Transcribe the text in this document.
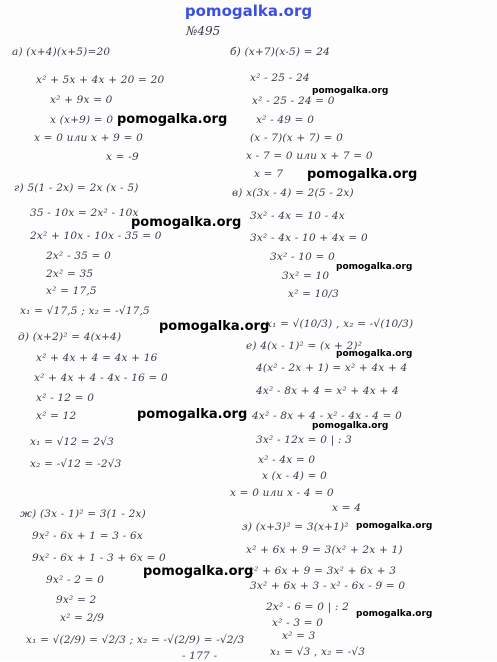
pomogalka.org
№495

а) (x+4)(x+5)=20

x² + 5x + 4x + 20 = 20

x² + 9x = 0

x (x+9) = 0

x = 0 или x + 9 = 0

x = -9

г) 5(1 - 2x) = 2x (x - 5)

35 - 10x = 2x² - 10x

2x² + 10x - 10x - 35 = 0

2x² - 35 = 0

2x² = 35

x² = 17,5

x₁ = √17,5 ; x₂ = -√17,5

д) (x+2)² = 4(x+4)

x² + 4x + 4 = 4x + 16

x² + 4x + 4 - 4x - 16 = 0

x² - 12 = 0

x² = 12

x₁ = √12 = 2√3

x₂ = -√12 = -2√3

ж) (3x - 1)² = 3(1 - 2x)

9x² - 6x + 1 = 3 - 6x

9x² - 6x + 1 - 3 + 6x = 0

9x² - 2 = 0

9x² = 2

x² = 2/9

x₁ = √(2/9) = √2/3 ; x₂ = -√(2/9) = -√2/3

- 177 -

б) (x+7)(x-5) = 24

x² - 25 - 24

x² - 25 - 24 = 0

x² - 49 = 0

(x - 7)(x + 7) = 0

x - 7 = 0 или x + 7 = 0

x = 7

в) x(3x - 4) = 2(5 - 2x)

3x² - 4x = 10 - 4x

3x² - 4x - 10 + 4x = 0

3x² - 10 = 0

3x² = 10

x² = 10/3

x₁ = √(10/3) , x₂ = -√(10/3)

е) 4(x - 1)² = (x + 2)²

4(x² - 2x + 1) = x² + 4x + 4

4x² - 8x + 4 = x² + 4x + 4

4x² - 8x + 4 - x² - 4x - 4 = 0

3x² - 12x = 0 | : 3

x² - 4x = 0

x (x - 4) = 0

x = 0 или x - 4 = 0

x = 4

з) (x+3)² = 3(x+1)²

x² + 6x + 9 = 3(x² + 2x + 1)

x² + 6x + 9 = 3x² + 6x + 3

3x² + 6x + 3 - x² - 6x - 9 = 0

2x² - 6 = 0 | : 2

x² - 3 = 0

x² = 3

x₁ = √3 , x₂ = -√3

pomogalka.org
pomogalka.org
pomogalka.org
pomogalka.org
pomogalka.org
pomogalka.org
pomogalka.org
pomogalka.org
pomogalka.org
pomogalka.org
pomogalka.org
pomogalka.org
